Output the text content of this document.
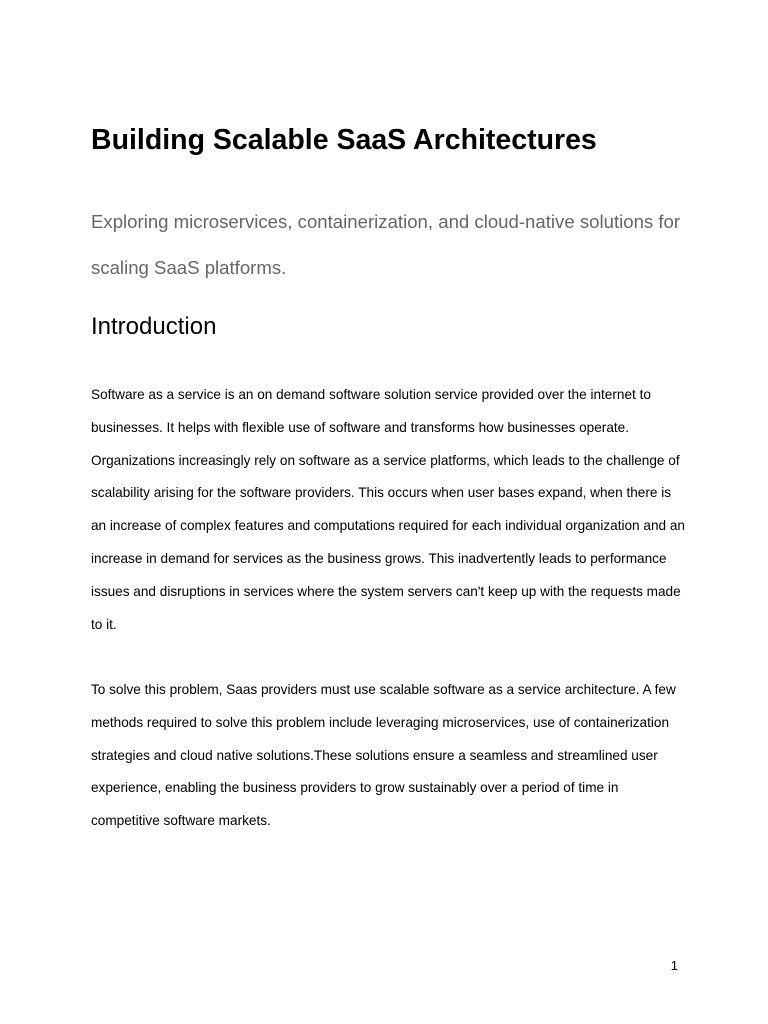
Building Scalable SaaS Architectures

Exploring microservices, containerization, and cloud-native solutions for scaling SaaS platforms.

Introduction

Software as a service is an on demand software solution service provided over the internet to businesses. It helps with flexible use of software and transforms how businesses operate. Organizations increasingly rely on software as a service platforms, which leads to the challenge of scalability arising for the software providers. This occurs when user bases expand, when there is an increase of complex features and computations required for each individual organization and an increase in demand for services as the business grows. This inadvertently leads to performance issues and disruptions in services where the system servers can't keep up with the requests made to it.

To solve this problem, Saas providers must use scalable software as a service architecture. A few methods required to solve this problem include leveraging microservices, use of containerization strategies and cloud native solutions.These solutions ensure a seamless and streamlined user experience, enabling the business providers to grow sustainably over a period of time in competitive software markets.

1
